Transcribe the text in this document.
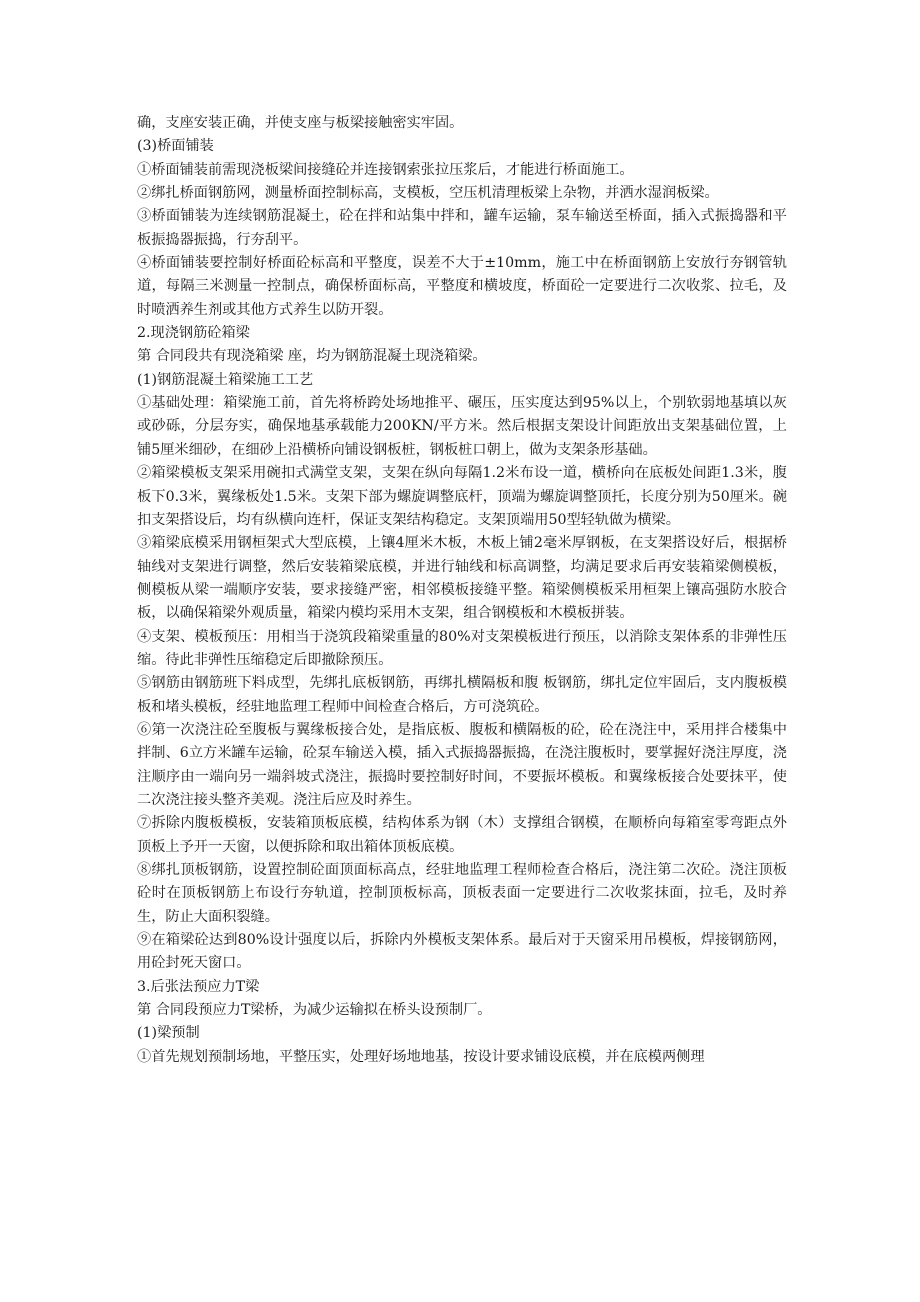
确，支座安装正确，并使支座与板梁接触密实牢固。

(3)桥面铺装

①桥面铺装前需现浇板梁间接缝砼并连接钢索张拉压浆后，才能进行桥面施工。

②绑扎桥面钢筋网，测量桥面控制标高，支模板，空压机清理板梁上杂物，并洒水湿润板梁。

③桥面铺装为连续钢筋混凝土，砼在拌和站集中拌和，罐车运输，泵车输送至桥面，插入式振捣器和平板振捣器振捣，行夯刮平。

④桥面铺装要控制好桥面砼标高和平整度，误差不大于±10mm，施工中在桥面钢筋上安放行夯钢管轨道，每隔三米测量一控制点，确保桥面标高，平整度和横坡度，桥面砼一定要进行二次收浆、拉毛，及时喷洒养生剂或其他方式养生以防开裂。

2.现浇钢筋砼箱梁

第 合同段共有现浇箱梁 座，均为钢筋混凝土现浇箱梁。

(1)钢筋混凝土箱梁施工工艺

①基础处理：箱梁施工前，首先将桥跨处场地推平、碾压，压实度达到95%以上，个别软弱地基填以灰或砂砾，分层夯实，确保地基承载能力200KN/平方米。然后根据支架设计间距放出支架基础位置，上铺5厘米细砂，在细砂上沿横桥向铺设钢板桩，钢板桩口朝上，做为支架条形基础。

②箱梁模板支架采用碗扣式满堂支架，支架在纵向每隔1.2米布设一道，横桥向在底板处间距1.3米，腹板下0.3米，翼缘板处1.5米。支架下部为螺旋调整底杆，顶端为螺旋调整顶托，长度分别为50厘米。碗扣支架搭设后，均有纵横向连杆，保证支架结构稳定。支架顶端用50型轻轨做为横梁。

③箱梁底模采用钢桓架式大型底模，上镶4厘米木板，木板上铺2毫米厚钢板，在支架搭设好后，根据桥轴线对支架进行调整，然后安装箱梁底模，并进行轴线和标高调整，均满足要求后再安装箱梁侧模板，侧模板从梁一端顺序安装，要求接缝严密，相邻模板接缝平整。箱梁侧模板采用桓架上镶高强防水胶合板，以确保箱梁外观质量，箱梁内模均采用木支架，组合钢模板和木模板拼装。

④支架、模板预压：用相当于浇筑段箱梁重量的80%对支架模板进行预压，以消除支架体系的非弹性压缩。待此非弹性压缩稳定后即撤除预压。

⑤钢筋由钢筋班下料成型，先绑扎底板钢筋，再绑扎横隔板和腹 板钢筋，绑扎定位牢固后，支内腹板模板和堵头模板，经驻地监理工程师中间检查合格后，方可浇筑砼。

⑥第一次浇注砼至腹板与翼缘板接合处，是指底板、腹板和横隔板的砼，砼在浇注中，采用拌合楼集中拌制、6立方米罐车运输，砼泵车输送入模，插入式振捣器振捣，在浇注腹板时，要掌握好浇注厚度，浇注顺序由一端向另一端斜坡式浇注，振捣时要控制好时间，不要振坏模板。和翼缘板接合处要抹平，使二次浇注接头整齐美观。浇注后应及时养生。

⑦拆除内腹板模板，安装箱顶板底模，结构体系为钢（木）支撑组合钢模，在顺桥向每箱室零弯距点外顶板上予开一天窗，以便拆除和取出箱体顶板底模。

⑧绑扎顶板钢筋，设置控制砼面顶面标高点，经驻地监理工程师检查合格后，浇注第二次砼。浇注顶板砼时在顶板钢筋上布设行夯轨道，控制顶板标高，顶板表面一定要进行二次收浆抹面，拉毛，及时养生，防止大面积裂缝。

⑨在箱梁砼达到80%设计强度以后，拆除内外模板支架体系。最后对于天窗采用吊模板，焊接钢筋网，用砼封死天窗口。

3.后张法预应力T梁

第 合同段预应力T梁桥，为减少运输拟在桥头设预制厂。

(1)梁预制

①首先规划预制场地，平整压实，处理好场地地基，按设计要求铺设底模，并在底模两侧理
